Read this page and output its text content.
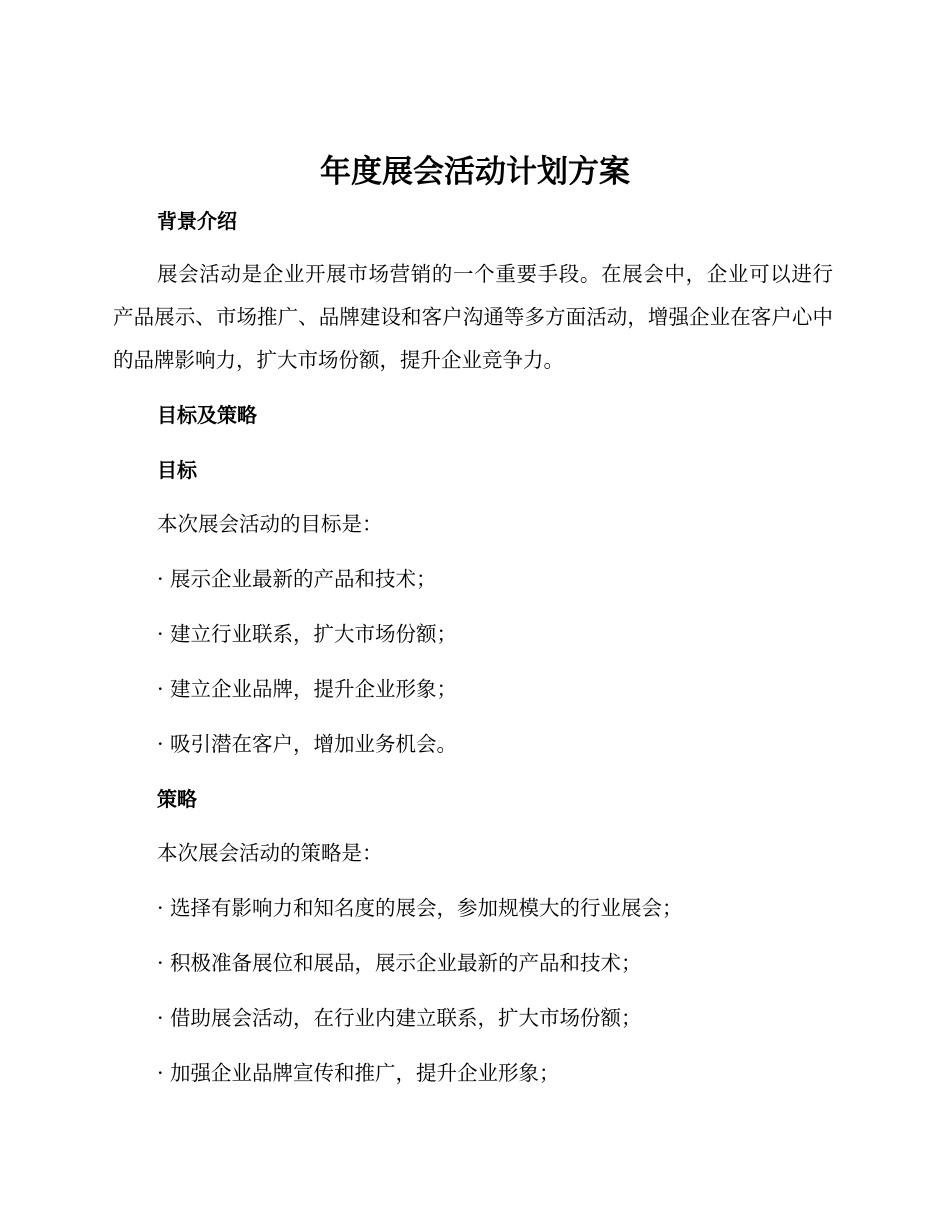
年度展会活动计划方案
背景介绍

展会活动是企业开展市场营销的一个重要手段。在展会中，企业可以进行产品展示、市场推广、品牌建设和客户沟通等多方面活动，增强企业在客户心中的品牌影响力，扩大市场份额，提升企业竞争力。

目标及策略
目标

本次展会活动的目标是：

· 展示企业最新的产品和技术；

· 建立行业联系，扩大市场份额；

· 建立企业品牌，提升企业形象；

· 吸引潜在客户，增加业务机会。

策略

本次展会活动的策略是：

· 选择有影响力和知名度的展会，参加规模大的行业展会；

· 积极准备展位和展品，展示企业最新的产品和技术；

· 借助展会活动，在行业内建立联系，扩大市场份额；

· 加强企业品牌宣传和推广，提升企业形象；
